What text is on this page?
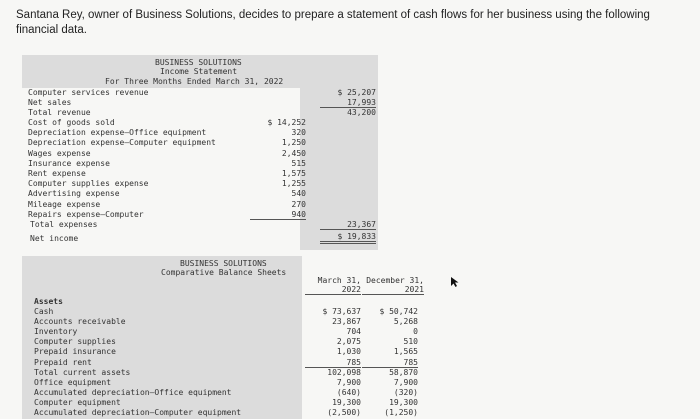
Santana Rey, owner of Business Solutions, decides to prepare a statement of cash flows for her business using the following financial data.
BUSINESS SOLUTIONS
Income Statement
For Three Months Ended March 31, 2022
Computer services revenue	$ 25,207
Net sales	17,993
Total revenue	43,200
Cost of goods sold	$ 14,252
Depreciation expense—Office equipment	320
Depreciation expense—Computer equipment	1,250
Wages expense	2,450
Insurance expense	515
Rent expense	1,575
Computer supplies expense	1,255
Advertising expense	540
Mileage expense	270
Repairs expense—Computer	940
Total expenses	23,367
Net income	$ 19,833
BUSINESS SOLUTIONS
Comparative Balance Sheets
March 31,
2022
December 31,
2021
Assets
Cash	$ 73,637	$ 50,742
Accounts receivable	23,867	5,268
Inventory	704	0
Computer supplies	2,075	510
Prepaid insurance	1,030	1,565
Prepaid rent	785	785
Total current assets	102,098	58,870
Office equipment	7,900	7,900
Accumulated depreciation—Office equipment	(640)	(320)
Computer equipment	19,300	19,300
Accumulated depreciation—Computer equipment	(2,500)	(1,250)
